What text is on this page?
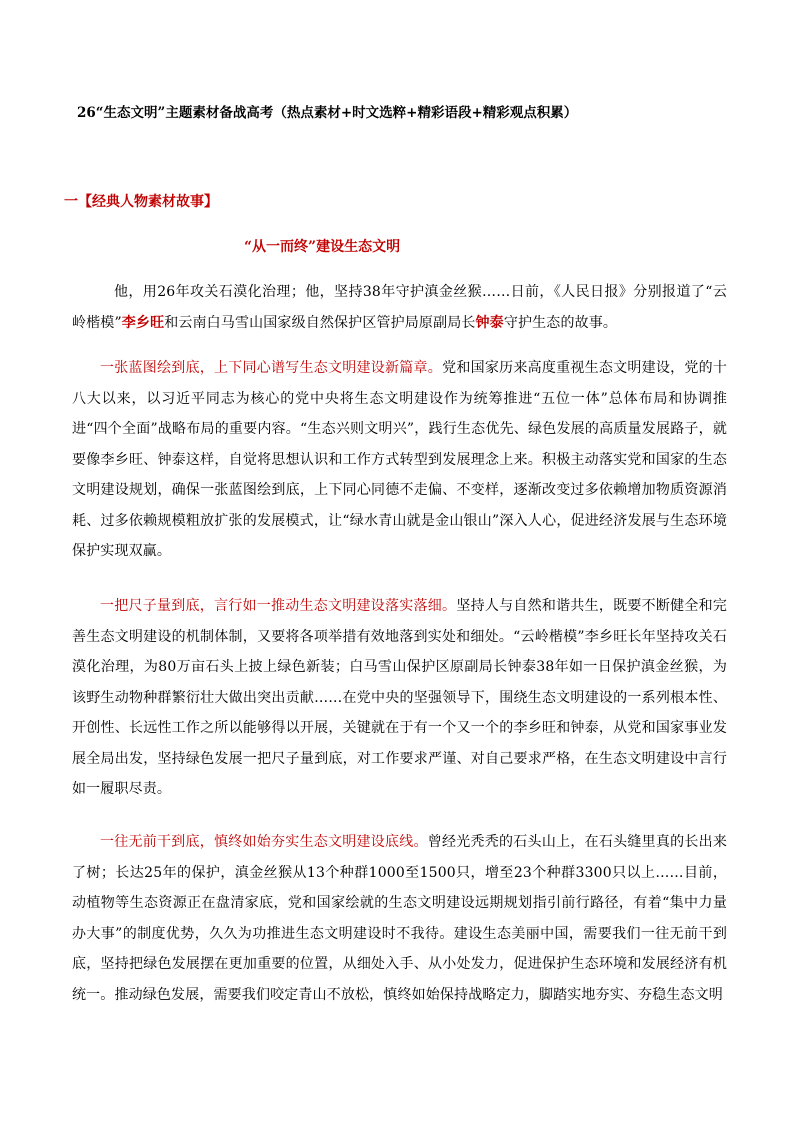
26“生态文明”主题素材备战高考（热点素材+时文选粹+精彩语段+精彩观点积累）
一【经典人物素材故事】
“从一而终”建设生态文明

他，用26年攻关石漠化治理；他，坚持38年守护滇金丝猴……日前，《人民日报》分别报道了“云岭楷模”李乡旺和云南白马雪山国家级自然保护区管护局原副局长钟泰守护生态的故事。

一张蓝图绘到底，上下同心谱写生态文明建设新篇章。党和国家历来高度重视生态文明建设，党的十八大以来，以习近平同志为核心的党中央将生态文明建设作为统筹推进“五位一体”总体布局和协调推进“四个全面”战略布局的重要内容。“生态兴则文明兴”，践行生态优先、绿色发展的高质量发展路子，就要像李乡旺、钟泰这样，自觉将思想认识和工作方式转型到发展理念上来。积极主动落实党和国家的生态文明建设规划，确保一张蓝图绘到底，上下同心同德不走偏、不变样，逐渐改变过多依赖增加物质资源消耗、过多依赖规模粗放扩张的发展模式，让“绿水青山就是金山银山”深入人心，促进经济发展与生态环境保护实现双赢。

一把尺子量到底，言行如一推动生态文明建设落实落细。坚持人与自然和谐共生，既要不断健全和完善生态文明建设的机制体制，又要将各项举措有效地落到实处和细处。“云岭楷模”李乡旺长年坚持攻关石漠化治理，为80万亩石头上披上绿色新装；白马雪山保护区原副局长钟泰38年如一日保护滇金丝猴，为该野生动物种群繁衍壮大做出突出贡献……在党中央的坚强领导下，围绕生态文明建设的一系列根本性、开创性、长远性工作之所以能够得以开展，关键就在于有一个又一个的李乡旺和钟泰，从党和国家事业发展全局出发，坚持绿色发展一把尺子量到底，对工作要求严谨、对自己要求严格，在生态文明建设中言行如一履职尽责。

一往无前干到底，慎终如始夯实生态文明建设底线。曾经光秃秃的石头山上，在石头缝里真的长出来了树；长达25年的保护，滇金丝猴从13个种群1000至1500只，增至23个种群3300只以上……目前，动植物等生态资源正在盘清家底，党和国家绘就的生态文明建设远期规划指引前行路径，有着“集中力量办大事”的制度优势，久久为功推进生态文明建设时不我待。建设生态美丽中国，需要我们一往无前干到底，坚持把绿色发展摆在更加重要的位置，从细处入手、从小处发力，促进保护生态环境和发展经济有机统一。推动绿色发展，需要我们咬定青山不放松，慎终如始保持战略定力，脚踏实地夯实、夯稳生态文明
